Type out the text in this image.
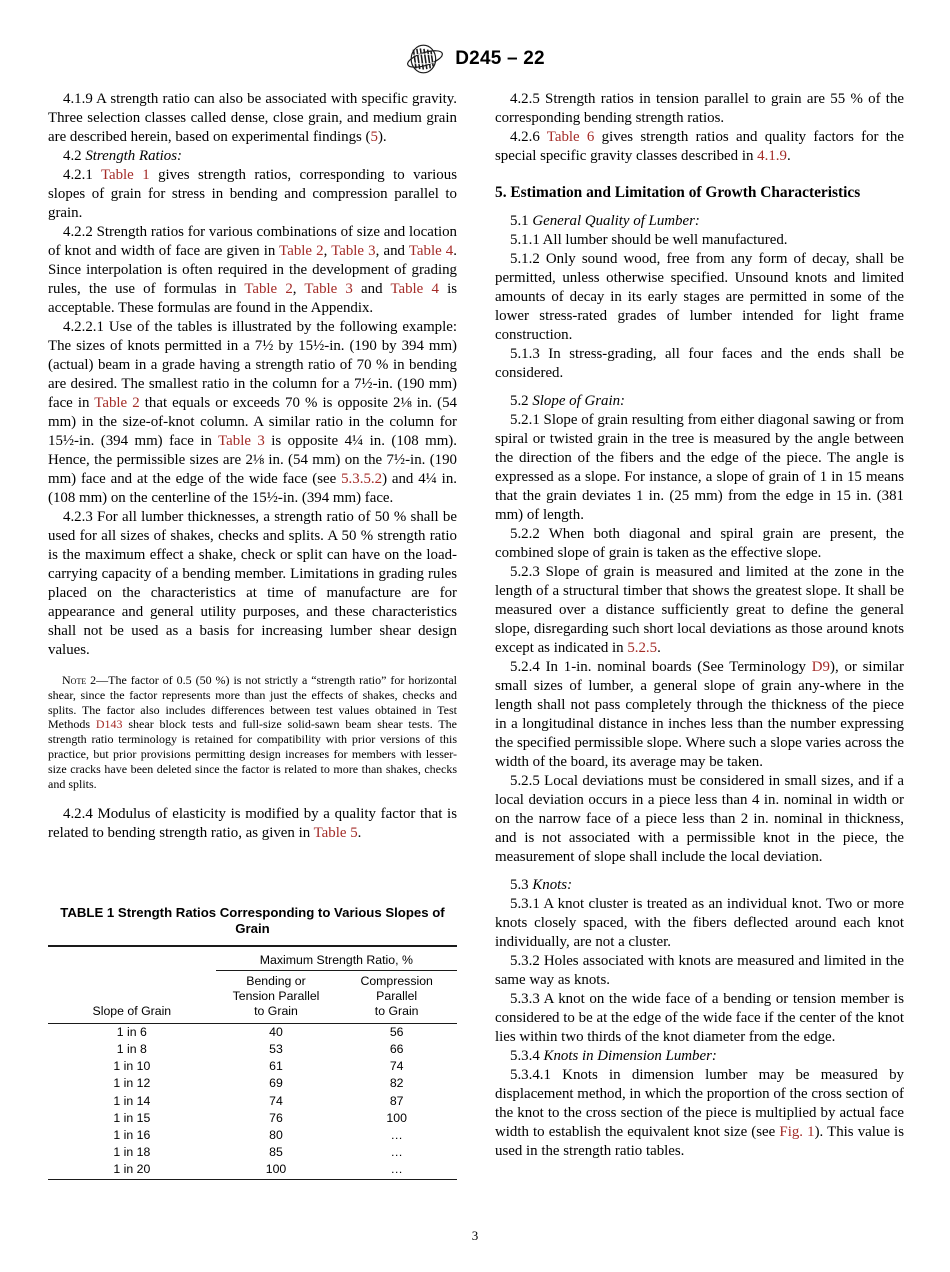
D245 – 22

4.1.9 A strength ratio can also be associated with specific gravity. Three selection classes called dense, close grain, and medium grain are described herein, based on experimental findings (5).

4.2 Strength Ratios:

4.2.1 Table 1 gives strength ratios, corresponding to various slopes of grain for stress in bending and compression parallel to grain.

4.2.2 Strength ratios for various combinations of size and location of knot and width of face are given in Table 2, Table 3, and Table 4. Since interpolation is often required in the development of grading rules, the use of formulas in Table 2, Table 3 and Table 4 is acceptable. These formulas are found in the Appendix.

4.2.2.1 Use of the tables is illustrated by the following example: The sizes of knots permitted in a 7½ by 15½-in. (190 by 394 mm) (actual) beam in a grade having a strength ratio of 70 % in bending are desired. The smallest ratio in the column for a 7½-in. (190 mm) face in Table 2 that equals or exceeds 70 % is opposite 2⅛ in. (54 mm) in the size-of-knot column. A similar ratio in the column for 15½-in. (394 mm) face in Table 3 is opposite 4¼ in. (108 mm). Hence, the permissible sizes are 2⅛ in. (54 mm) on the 7½-in. (190 mm) face and at the edge of the wide face (see 5.3.5.2) and 4¼ in. (108 mm) on the centerline of the 15½-in. (394 mm) face.

4.2.3 For all lumber thicknesses, a strength ratio of 50 % shall be used for all sizes of shakes, checks and splits. A 50 % strength ratio is the maximum effect a shake, check or split can have on the load-carrying capacity of a bending member. Limitations in grading rules placed on the characteristics at time of manufacture are for appearance and general utility purposes, and these characteristics shall not be used as a basis for increasing lumber shear design values.

Note 2—The factor of 0.5 (50 %) is not strictly a “strength ratio” for horizontal shear, since the factor represents more than just the effects of shakes, checks and splits. The factor also includes differences between test values obtained in Test Methods D143 shear block tests and full-size solid-sawn beam shear tests. The strength ratio terminology is retained for compatibility with prior versions of this practice, but prior provisions permitting design increases for members with lesser-size cracks have been deleted since the factor is related to more than shakes, checks and splits.

4.2.4 Modulus of elasticity is modified by a quality factor that is related to bending strength ratio, as given in Table 5.

TABLE 1 Strength Ratios Corresponding to Various Slopes of Grain

	Maximum Strength Ratio, %	
Slope of Grain	
Bending or
Tension Parallel
to Grain

Compression
Parallel
to Grain

1 in 6	40	56
1 in 8	53	66
1 in 10	61	74
1 in 12	69	82
1 in 14	74	87
1 in 15	76	100
1 in 16	80	…
1 in 18	85	…
1 in 20	100	…

4.2.5 Strength ratios in tension parallel to grain are 55 % of the corresponding bending strength ratios.

4.2.6 Table 6 gives strength ratios and quality factors for the special specific gravity classes described in 4.1.9.

5. Estimation and Limitation of Growth Characteristics

5.1 General Quality of Lumber:

5.1.1 All lumber should be well manufactured.

5.1.2 Only sound wood, free from any form of decay, shall be permitted, unless otherwise specified. Unsound knots and limited amounts of decay in its early stages are permitted in some of the lower stress-rated grades of lumber intended for light frame construction.

5.1.3 In stress-grading, all four faces and the ends shall be considered.

5.2 Slope of Grain:

5.2.1 Slope of grain resulting from either diagonal sawing or from spiral or twisted grain in the tree is measured by the angle between the direction of the fibers and the edge of the piece. The angle is expressed as a slope. For instance, a slope of grain of 1 in 15 means that the grain deviates 1 in. (25 mm) from the edge in 15 in. (381 mm) of length.

5.2.2 When both diagonal and spiral grain are present, the combined slope of grain is taken as the effective slope.

5.2.3 Slope of grain is measured and limited at the zone in the length of a structural timber that shows the greatest slope. It shall be measured over a distance sufficiently great to define the general slope, disregarding such short local deviations as those around knots except as indicated in 5.2.5.

5.2.4 In 1-in. nominal boards (See Terminology D9), or similar small sizes of lumber, a general slope of grain any-where in the length shall not pass completely through the thickness of the piece in a longitudinal distance in inches less than the number expressing the specified permissible slope. Where such a slope varies across the width of the board, its average may be taken.

5.2.5 Local deviations must be considered in small sizes, and if a local deviation occurs in a piece less than 4 in. nominal in width or on the narrow face of a piece less than 2 in. nominal in thickness, and is not associated with a permissible knot in the piece, the measurement of slope shall include the local deviation.

5.3 Knots:

5.3.1 A knot cluster is treated as an individual knot. Two or more knots closely spaced, with the fibers deflected around each knot individually, are not a cluster.

5.3.2 Holes associated with knots are measured and limited in the same way as knots.

5.3.3 A knot on the wide face of a bending or tension member is considered to be at the edge of the wide face if the center of the knot lies within two thirds of the knot diameter from the edge.

5.3.4 Knots in Dimension Lumber:

5.3.4.1 Knots in dimension lumber may be measured by displacement method, in which the proportion of the cross section of the knot to the cross section of the piece is multiplied by actual face width to establish the equivalent knot size (see Fig. 1). This value is used in the strength ratio tables.

3
